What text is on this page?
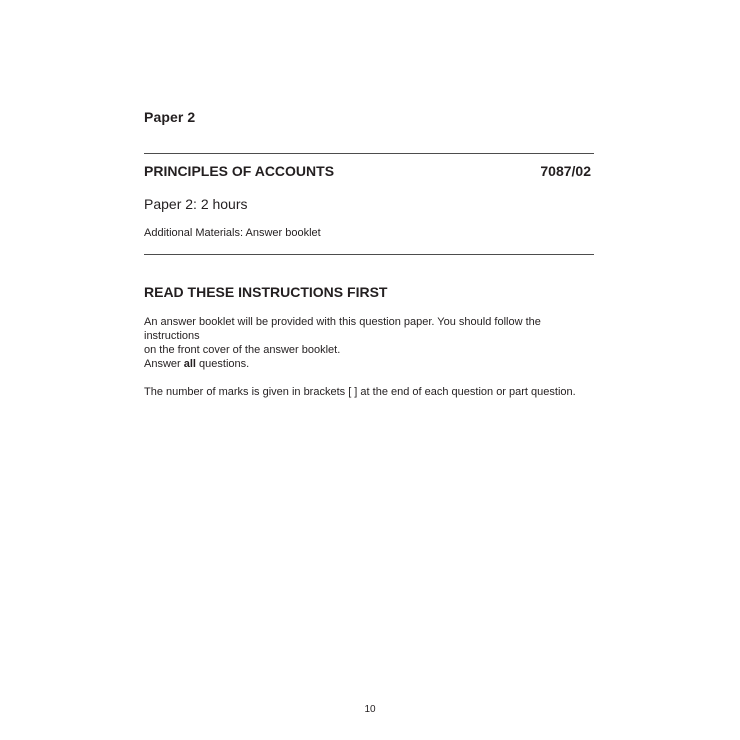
Paper 2
PRINCIPLES OF ACCOUNTS	7087/02
Paper 2: 2 hours
Additional Materials: Answer booklet
READ THESE INSTRUCTIONS FIRST
An answer booklet will be provided with this question paper. You should follow the instructions
on the front cover of the answer booklet.
Answer all questions.
The number of marks is given in brackets [ ] at the end of each question or part question.
10
